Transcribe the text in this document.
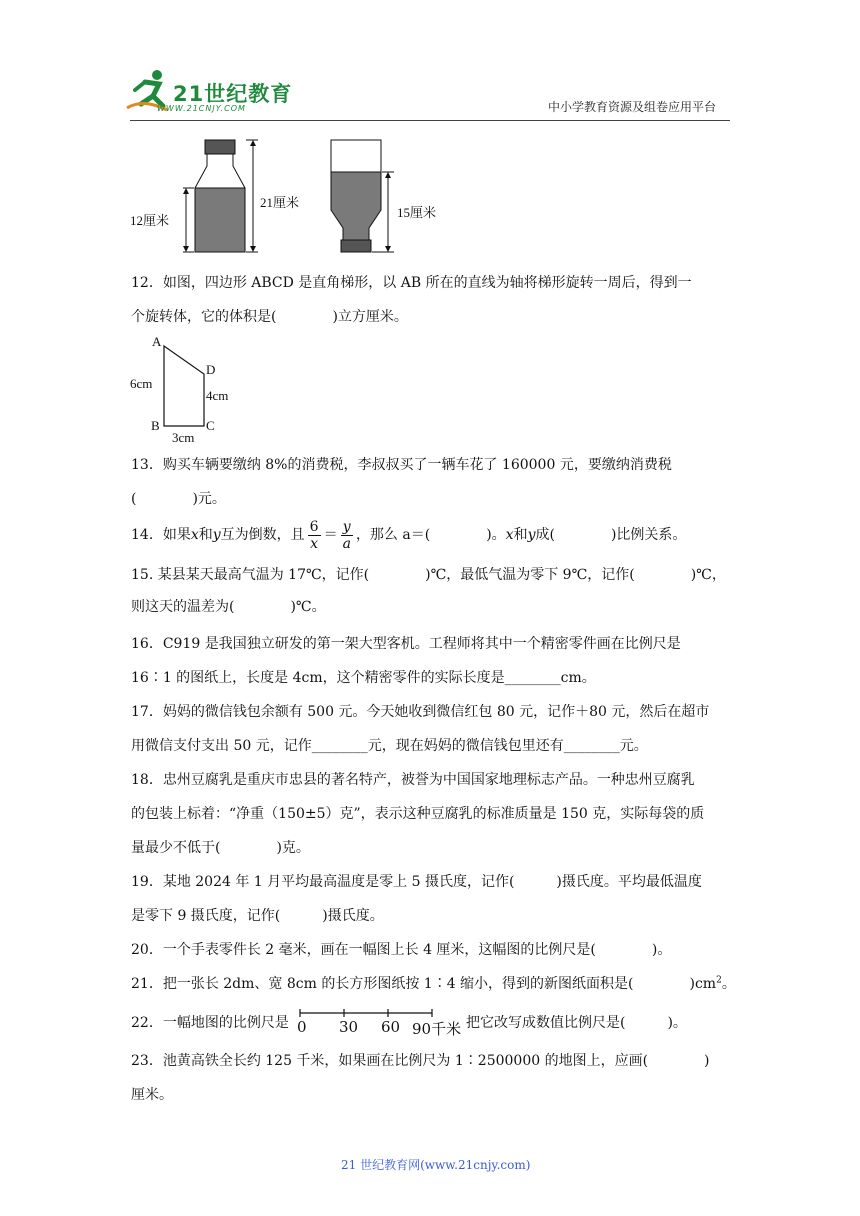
21世纪教育
WWW.21CNJY.COM	中小学教育资源及组卷应用平台
12厘米
21厘米
15厘米
12．如图，四边形 ABCD 是直角梯形，以 AB 所在的直线为轴将梯形旋转一周后，得到一
个旋转体，它的体积是(　　　　)立方厘米。
A
D
B	C
6cm
4cm
3cm
13．购买车辆要缴纳 8%的消费税，李叔叔买了一辆车花了 160000 元，要缴纳消费税
(　　　　)元。
14．如果x和y互为倒数，且 $\frac{6}{x} = \frac{y}{a}$ ，那么 a＝(　　　　)。x和y成(　　　　)比例关系。
15. 某县某天最高气温为 17℃，记作(　　　　)℃，最低气温为零下 9℃，记作(　　　　)℃，
则这天的温差为(　　　　)℃。
16．C919 是我国独立研发的第一架大型客机。工程师将其中一个精密零件画在比例尺是
16∶1 的图纸上，长度是 4cm，这个精密零件的实际长度是________cm。
17．妈妈的微信钱包余额有 500 元。今天她收到微信红包 80 元，记作＋80 元，然后在超市
用微信支付支出 50 元，记作________元，现在妈妈的微信钱包里还有________元。
18．忠州豆腐乳是重庆市忠县的著名特产，被誉为中国国家地理标志产品。一种忠州豆腐乳
的包装上标着：“净重（150±5）克”，表示这种豆腐乳的标准质量是 150 克，实际每袋的质
量最少不低于(　　　　)克。
19．某地 2024 年 1 月平均最高温度是零上 5 摄氏度，记作(　　　)摄氏度。平均最低温度
是零下 9 摄氏度，记作(　　　)摄氏度。
20．一个手表零件长 2 毫米，画在一幅图上长 4 厘米，这幅图的比例尺是(　　　　)。
21．把一张长 2dm、宽 8cm 的长方形图纸按 1∶4 缩小，得到的新图纸面积是(　　　　)$cm^2$。
22．一幅地图的比例尺是 0 30 60 90千米 把它改写成数值比例尺是(　　　)。
23．池黄高铁全长约 125 千米，如果画在比例尺为 1∶2500000 的地图上，应画(　　　　)
厘米。
21 世纪教育网(www.21cnjy.com)
